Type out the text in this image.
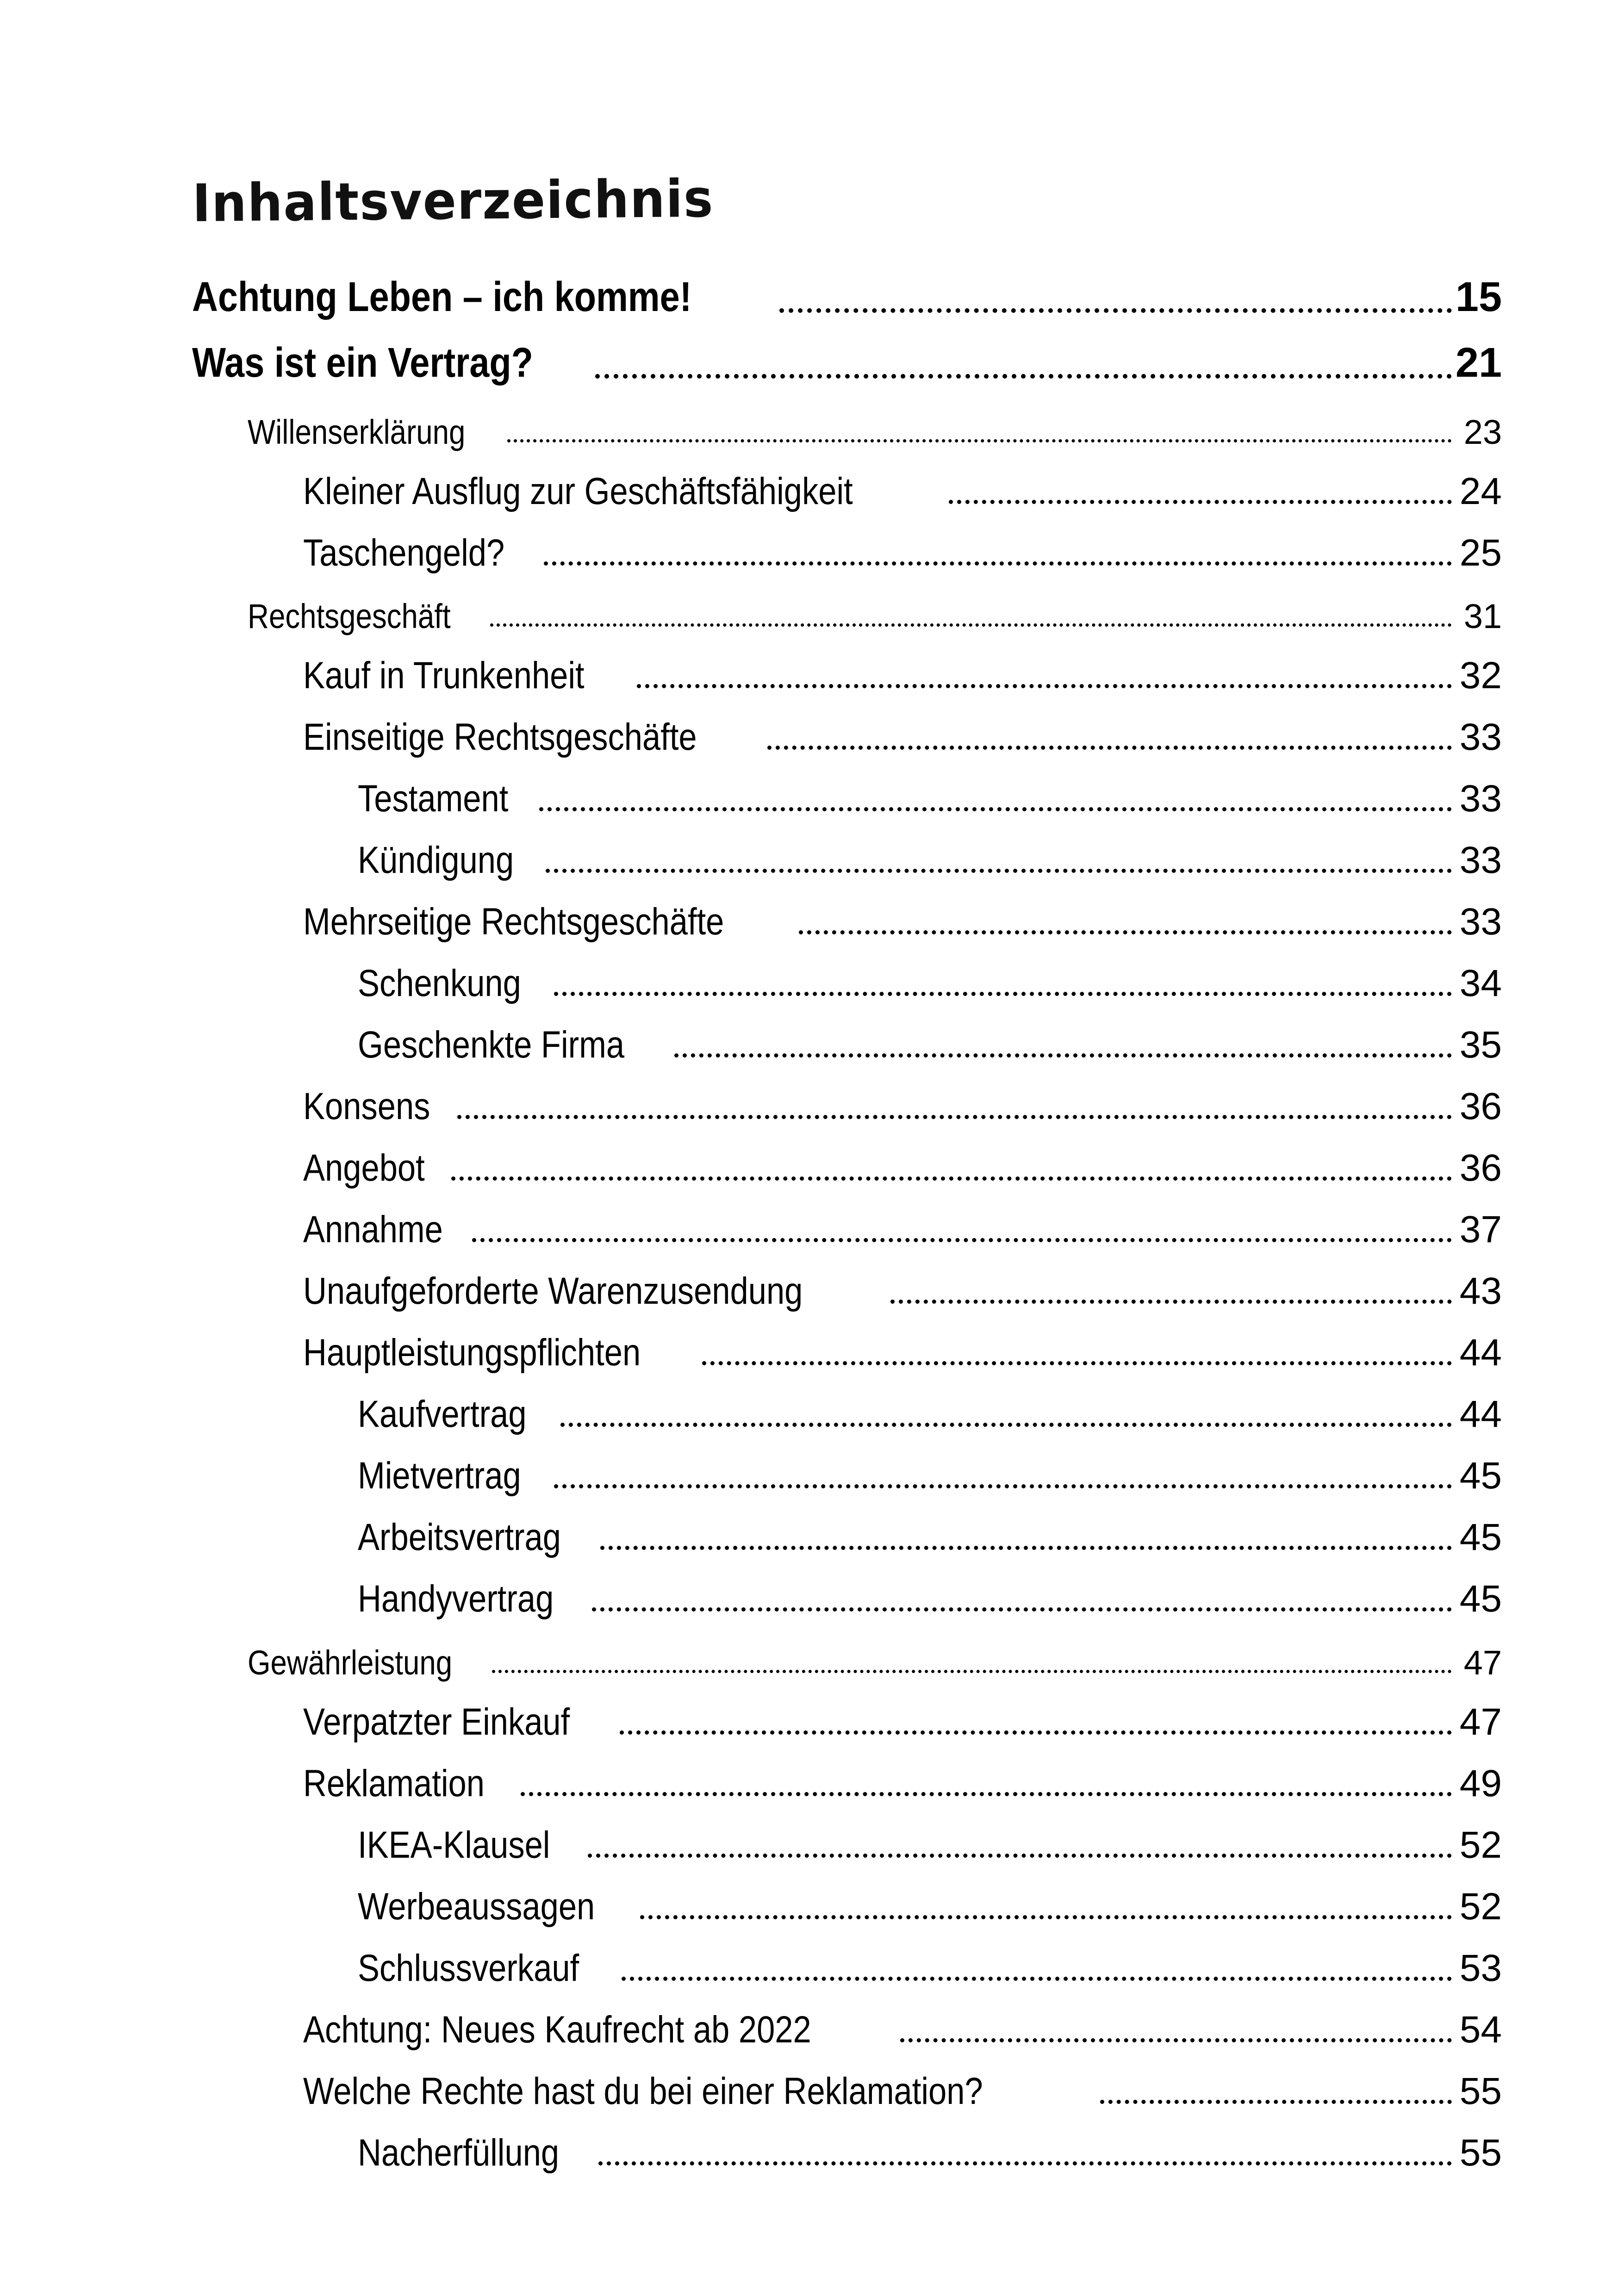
Inhaltsverzeichnis
Achtung Leben – ich komme!	15
Was ist ein Vertrag?	21
Willenserklärung	23
Kleiner Ausflug zur Geschäftsfähigkeit	24
Taschengeld?	25
Rechtsgeschäft	31
Kauf in Trunkenheit	32
Einseitige Rechtsgeschäfte	33
Testament	33
Kündigung	33
Mehrseitige Rechtsgeschäfte	33
Schenkung	34
Geschenkte Firma	35
Konsens	36
Angebot	36
Annahme	37
Unaufgeforderte Warenzusendung	43
Hauptleistungspflichten	44
Kaufvertrag	44
Mietvertrag	45
Arbeitsvertrag	45
Handyvertrag	45
Gewährleistung	47
Verpatzter Einkauf	47
Reklamation	49
IKEA-Klausel	52
Werbeaussagen	52
Schlussverkauf	53
Achtung: Neues Kaufrecht ab 2022	54
Welche Rechte hast du bei einer Reklamation?	55
Nacherfüllung	55
